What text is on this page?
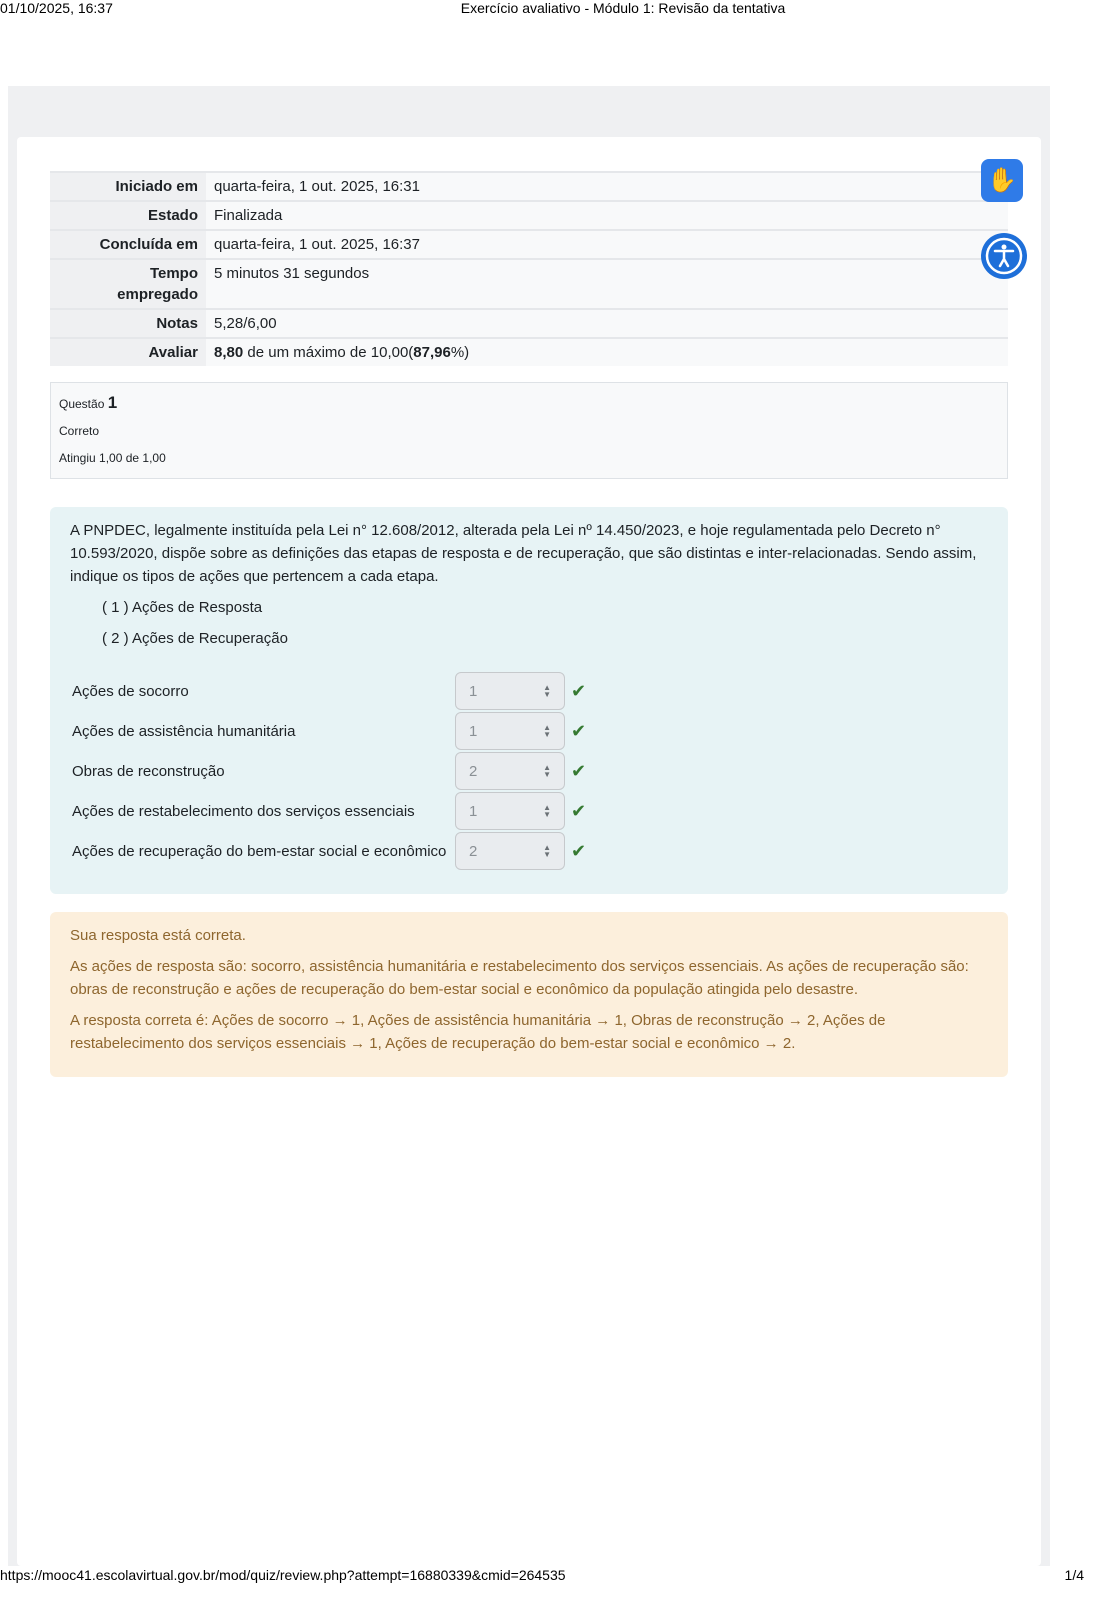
01/10/2025, 16:37	Exercício avaliativo - Módulo 1: Revisão da tentativa
Iniciado em	quarta-feira, 1 out. 2025, 16:31
Estado	Finalizada
Concluída em	quarta-feira, 1 out. 2025, 16:37
Tempo empregado	5 minutos 31 segundos
Notas	5,28/6,00
Avaliar	8,80 de um máximo de 10,00(87,96%)
Questão 1
Correto
Atingiu 1,00 de 1,00
A PNPDEC, legalmente instituída pela Lei n° 12.608/2012, alterada pela Lei nº 14.450/2023, e hoje regulamentada pelo Decreto n° 10.593/2020, dispõe sobre as definições das etapas de resposta e de recuperação, que são distintas e inter-relacionadas. Sendo assim, indique os tipos de ações que pertencem a cada etapa.
( 1 ) Ações de Resposta
( 2 ) Ações de Recuperação
Ações de socorro	1	▲
▼ ✔
Ações de assistência humanitária	1	▲
▼ ✔
Obras de reconstrução	2	▲
▼ ✔
Ações de restabelecimento dos serviços essenciais	1	▲
▼ ✔
Ações de recuperação do bem-estar social e econômico	2	▲
▼ ✔

Sua resposta está correta.

As ações de resposta são: socorro, assistência humanitária e restabelecimento dos serviços essenciais. As ações de recuperação são: obras de reconstrução e ações de recuperação do bem-estar social e econômico da população atingida pelo desastre.

A resposta correta é: Ações de socorro → 1, Ações de assistência humanitária → 1, Obras de reconstrução → 2, Ações de restabelecimento dos serviços essenciais → 1, Ações de recuperação do bem-estar social e econômico → 2.

✋
https://mooc41.escolavirtual.gov.br/mod/quiz/review.php?attempt=16880339&cmid=264535	1/4
